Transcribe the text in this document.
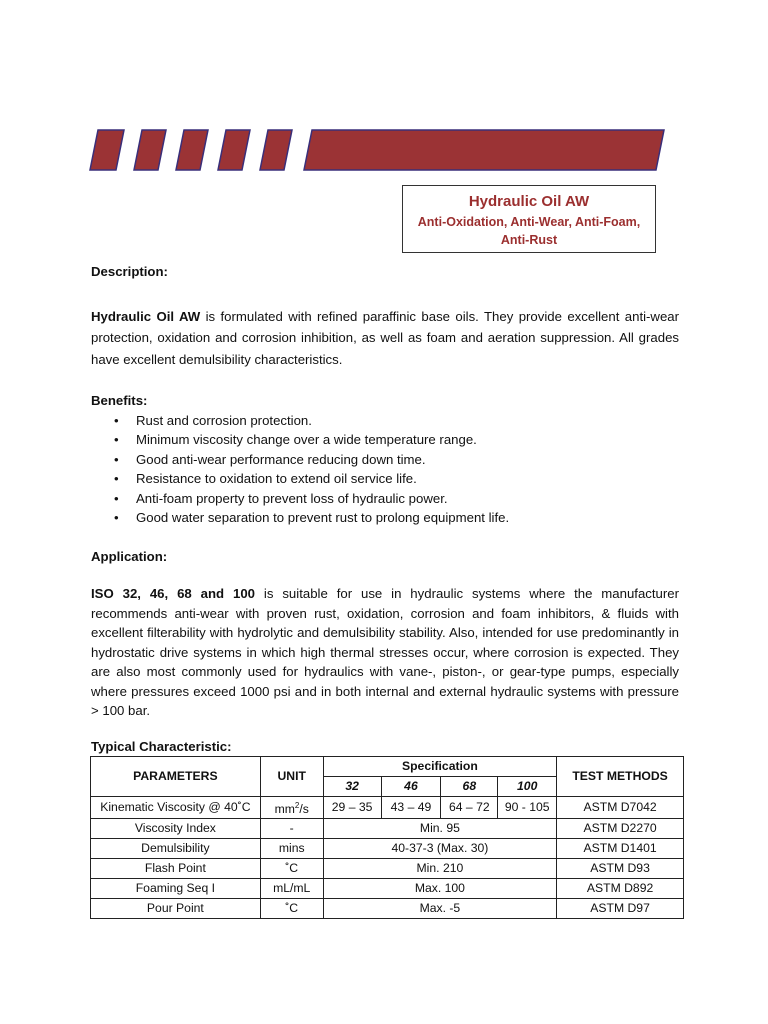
Hydraulic Oil AW
Anti-Oxidation, Anti-Wear, Anti-Foam, Anti-Rust

Description:

Hydraulic Oil AW is formulated with refined paraffinic base oils. They provide excellent anti-wear protection, oxidation and corrosion inhibition, as well as foam and aeration suppression. All grades have excellent demulsibility characteristics.

Benefits:

• Rust and corrosion protection.
• Minimum viscosity change over a wide temperature range.
• Good anti-wear performance reducing down time.
• Resistance to oxidation to extend oil service life.
• Anti-foam property to prevent loss of hydraulic power.
• Good water separation to prevent rust to prolong equipment life.

Application:

ISO 32, 46, 68 and 100 is suitable for use in hydraulic systems where the manufacturer recommends anti-wear with proven rust, oxidation, corrosion and foam inhibitors, & fluids with excellent filterability with hydrolytic and demulsibility stability. Also, intended for use predominantly in hydrostatic drive systems in which high thermal stresses occur, where corrosion is expected. They are also most commonly used for hydraulics with vane-, piston-, or gear-type pumps, especially where pressures exceed 1000 psi and in both internal and external hydraulic systems with pressure > 100 bar.

Typical Characteristic:

PARAMETERS	UNIT	Specification				TEST METHODS
		32	46	68	100	
Kinematic Viscosity @ 40˚C	$mm^2/s$	29 – 35	43 – 49	64 – 72	90 - 105	ASTM D7042
Viscosity Index	-	Min. 95				ASTM D2270
Demulsibility	mins	40-37-3 (Max. 30)				ASTM D1401
Flash Point	˚C	Min. 210				ASTM D93
Foaming Seq I	mL/mL	Max. 100				ASTM D892
Pour Point	˚C	Max. -5				ASTM D97
